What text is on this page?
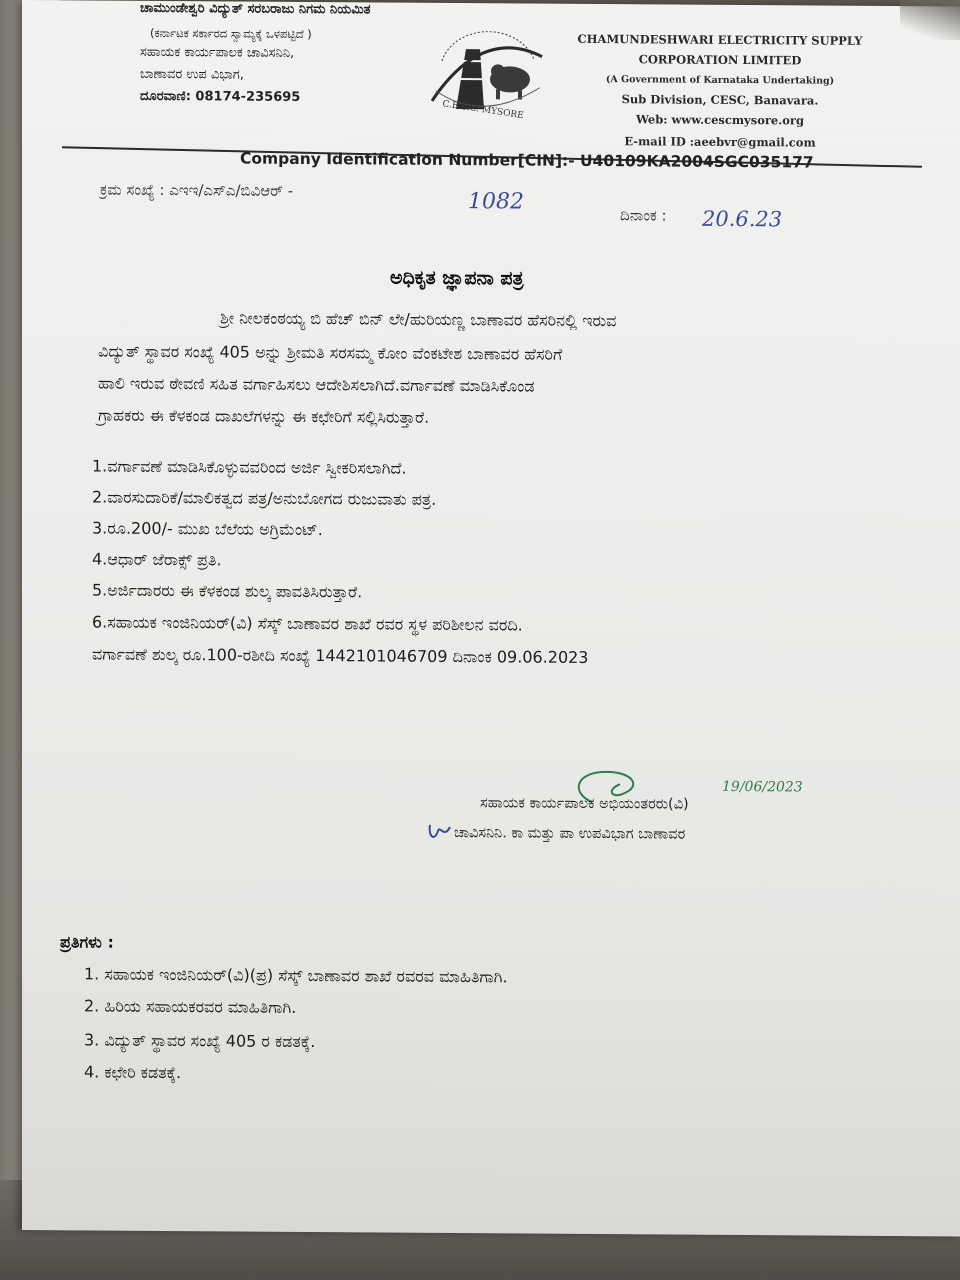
ಚಾಮುಂಡೇಶ್ವರಿ ವಿದ್ಯುತ್ ಸರಬರಾಜು ನಿಗಮ ನಿಯಮಿತ
(ಕರ್ನಾಟಕ ಸರ್ಕಾರದ ಸ್ವಾಮ್ಯಕ್ಕೆ ಒಳಪಟ್ಟಿದೆ )
ಸಹಾಯಕ ಕಾರ್ಯಪಾಲಕ ಚಾವಿಸನಿನಿ,
ಬಾಣಾವರ ಉಪ ವಿಭಾಗ,
ದೂರವಾಣಿ: 08174-235695
C.E.S.C. MYSORE
CHAMUNDESHWARI ELECTRICITY SUPPLY
CORPORATION LIMITED
(A Government of Karnataka Undertaking)
Sub Division, CESC, Banavara.
Web: www.cescmysore.org
E-mail ID :aeebvr@gmail.com
Company Identification Number[CIN]:- U40109KA2004SGC035177
ಕ್ರಮ ಸಂಖ್ಯೆ : ಎಇಇ/ಎಸ್ಎ/ಬಿವಿಆರ್ -	1082
ದಿನಾಂಕ : 20.6.23
ಅಧಿಕೃತ ಜ್ಞಾಪನಾ ಪತ್ರ
ಶ್ರೀ ನೀಲಕಂಠಯ್ಯ ಬಿ ಹೆಚ್ ಬಿನ್ ಲೇ/ಹುರಿಯಣ್ಣ ಬಾಣಾವರ ಹೆಸರಿನಲ್ಲಿ ಇರುವ
ವಿದ್ಯುತ್ ಸ್ಥಾವರ ಸಂಖ್ಯೆ 405 ಅನ್ನು ಶ್ರೀಮತಿ ಸರಸಮ್ಮ ಕೋಂ ವೆಂಕಟೇಶ ಬಾಣಾವರ ಹೆಸರಿಗೆ
ಹಾಲಿ ಇರುವ ಠೇವಣಿ ಸಹಿತ ವರ್ಗಾಹಿಸಲು ಆದೇಶಿಸಲಾಗಿದೆ.ವರ್ಗಾವಣೆ ಮಾಡಿಸಿಕೊಂಡ
ಗ್ರಾಹಕರು ಈ ಕೆಳಕಂಡ ದಾಖಲೆಗಳನ್ನು ಈ ಕಛೇರಿಗೆ ಸಲ್ಲಿಸಿರುತ್ತಾರೆ.
1.ವರ್ಗಾವಣೆ ಮಾಡಿಸಿಕೊಳ್ಳುವವರಿಂದ ಅರ್ಜಿ ಸ್ವೀಕರಿಸಲಾಗಿದೆ.
2.ವಾರಸುದಾರಿಕೆ/ಮಾಲಿಕತ್ವದ ಪತ್ರ/ಅನುಬೋಗದ ರುಜುವಾತು ಪತ್ರ.
3.ರೂ.200/- ಮುಖ ಬೆಲೆಯ ಅಗ್ರಿಮೆಂಟ್.
4.ಆಧಾರ್ ಜೆರಾಕ್ಸ್ ಪ್ರತಿ.
5.ಅರ್ಜಿದಾರರು ಈ ಕೆಳಕಂಡ ಶುಲ್ಕ ಪಾವತಿಸಿರುತ್ತಾರೆ.
6.ಸಹಾಯಕ ಇಂಜಿನಿಯರ್(ವಿ) ಸೆಸ್ಕ್ ಬಾಣಾವರ ಶಾಖೆ ರವರ ಸ್ಥಳ ಪರಿಶೀಲನ ವರದಿ.
ವರ್ಗಾವಣೆ ಶುಲ್ಕ ರೂ.100-ರಶೀದಿ ಸಂಖ್ಯೆ 1442101046709 ದಿನಾಂಕ 09.06.2023
19/06/2023
ಸಹಾಯಕ ಕಾರ್ಯಪಾಲಕ ಅಭಿಯಂತರರು(ವಿ)
ಚಾವಿಸನಿನಿ. ಕಾ ಮತ್ತು ಪಾ ಉಪವಿಭಾಗ ಬಾಣಾವರ
ಪ್ರತಿಗಳು :
1. ಸಹಾಯಕ ಇಂಜಿನಿಯರ್(ವಿ)(ಪ್ರ) ಸೆಸ್ಕ್ ಬಾಣಾವರ ಶಾಖೆ ರವರವ ಮಾಹಿತಿಗಾಗಿ.
2. ಹಿರಿಯ ಸಹಾಯಕರವರ ಮಾಹಿತಿಗಾಗಿ.
3. ವಿದ್ಯುತ್ ಸ್ಥಾವರ ಸಂಖ್ಯೆ 405 ರ ಕಡತಕ್ಕೆ.
4. ಕಛೇರಿ ಕಡತಕ್ಕೆ.
